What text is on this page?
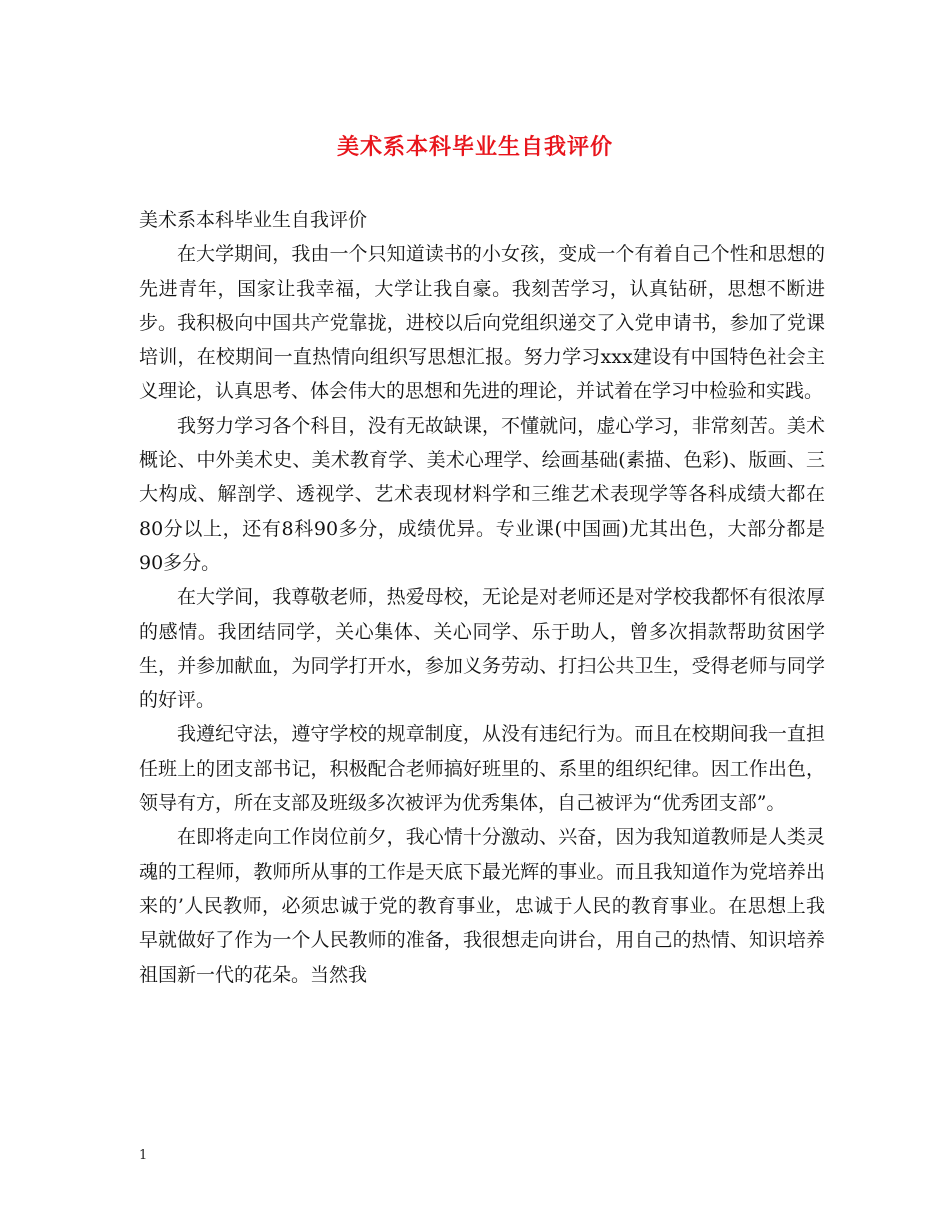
美术系本科毕业生自我评价

美术系本科毕业生自我评价

在大学期间，我由一个只知道读书的小女孩，变成一个有着自己个性和思想的先进青年，国家让我幸福，大学让我自豪。我刻苦学习，认真钻研，思想不断进步。我积极向中国共产党靠拢，进校以后向党组织递交了入党申请书，参加了党课培训，在校期间一直热情向组织写思想汇报。努力学习xxx建设有中国特色社会主义理论，认真思考、体会伟大的思想和先进的理论，并试着在学习中检验和实践。

我努力学习各个科目，没有无故缺课，不懂就问，虚心学习，非常刻苦。美术概论、中外美术史、美术教育学、美术心理学、绘画基础(素描、色彩)、版画、三大构成、解剖学、透视学、艺术表现材料学和三维艺术表现学等各科成绩大都在80分以上，还有8科90多分，成绩优异。专业课(中国画)尤其出色，大部分都是90多分。

在大学间，我尊敬老师，热爱母校，无论是对老师还是对学校我都怀有很浓厚的感情。我团结同学，关心集体、关心同学、乐于助人，曾多次捐款帮助贫困学生，并参加献血，为同学打开水，参加义务劳动、打扫公共卫生，受得老师与同学的好评。

我遵纪守法，遵守学校的规章制度，从没有违纪行为。而且在校期间我一直担任班上的团支部书记，积极配合老师搞好班里的、系里的组织纪律。因工作出色，领导有方，所在支部及班级多次被评为优秀集体，自己被评为“优秀团支部”。

在即将走向工作岗位前夕，我心情十分激动、兴奋，因为我知道教师是人类灵魂的工程师，教师所从事的工作是天底下最光辉的事业。而且我知道作为党培养出来的’人民教师，必须忠诚于党的教育事业，忠诚于人民的教育事业。在思想上我早就做好了作为一个人民教师的准备，我很想走向讲台，用自己的热情、知识培养祖国新一代的花朵。当然我

1
